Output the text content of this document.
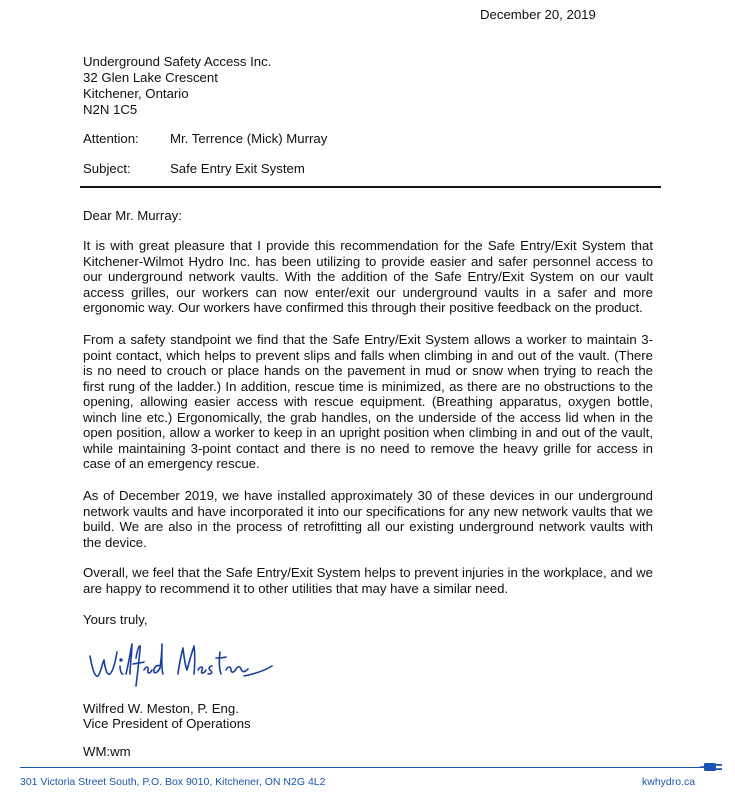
December 20, 2019
Underground Safety Access Inc.
32 Glen Lake Crescent
Kitchener, Ontario
N2N 1C5
Attention: Mr. Terrence (Mick) Murray
Subject:	Safe Entry Exit System
Dear Mr. Murray:

It is with great pleasure that I provide this recommendation for the Safe Entry/Exit System that Kitchener-Wilmot Hydro Inc. has been utilizing to provide easier and safer personnel access to our underground network vaults. With the addition of the Safe Entry/Exit System on our vault access grilles, our workers can now enter/exit our underground vaults in a safer and more ergonomic way. Our workers have confirmed this through their positive feedback on the product.

From a safety standpoint we find that the Safe Entry/Exit System allows a worker to maintain 3-point contact, which helps to prevent slips and falls when climbing in and out of the vault. (There is no need to crouch or place hands on the pavement in mud or snow when trying to reach the first rung of the ladder.) In addition, rescue time is minimized, as there are no obstructions to the opening, allowing easier access with rescue equipment. (Breathing apparatus, oxygen bottle, winch line etc.) Ergonomically, the grab handles, on the underside of the access lid when in the open position, allow a worker to keep in an upright position when climbing in and out of the vault, while maintaining 3-point contact and there is no need to remove the heavy grille for access in case of an emergency rescue.

As of December 2019, we have installed approximately 30 of these devices in our underground network vaults and have incorporated it into our specifications for any new network vaults that we build. We are also in the process of retrofitting all our existing underground network vaults with the device.

Overall, we feel that the Safe Entry/Exit System helps to prevent injuries in the workplace, and we are happy to recommend it to other utilities that may have a similar need.

Yours truly,
Wilfred W. Meston, P. Eng.
Vice President of Operations
WM:wm
301 Victoria Street South, P.O. Box 9010, Kitchener, ON N2G 4L2	kwhydro.ca
